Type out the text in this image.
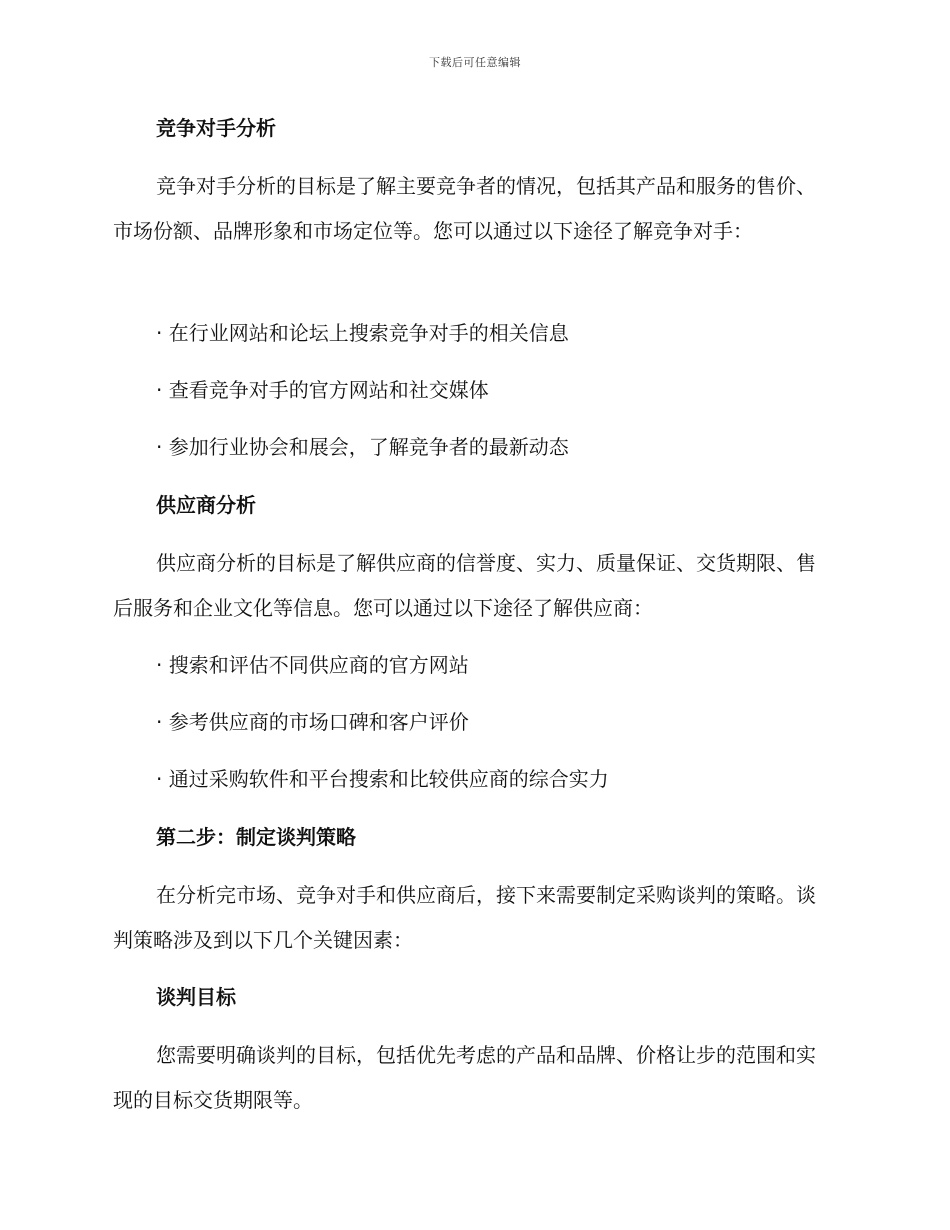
下载后可任意编辑
竞争对手分析
竞争对手分析的目标是了解主要竞争者的情况，包括其产品和服务的售价、市场份额、品牌形象和市场定位等。您可以通过以下途径了解竞争对手：
· 在行业网站和论坛上搜索竞争对手的相关信息
· 查看竞争对手的官方网站和社交媒体
· 参加行业协会和展会，了解竞争者的最新动态
供应商分析
供应商分析的目标是了解供应商的信誉度、实力、质量保证、交货期限、售后服务和企业文化等信息。您可以通过以下途径了解供应商：
· 搜索和评估不同供应商的官方网站
· 参考供应商的市场口碑和客户评价
· 通过采购软件和平台搜索和比较供应商的综合实力
第二步：制定谈判策略
在分析完市场、竞争对手和供应商后，接下来需要制定采购谈判的策略。谈判策略涉及到以下几个关键因素：
谈判目标
您需要明确谈判的目标，包括优先考虑的产品和品牌、价格让步的范围和实现的目标交货期限等。
